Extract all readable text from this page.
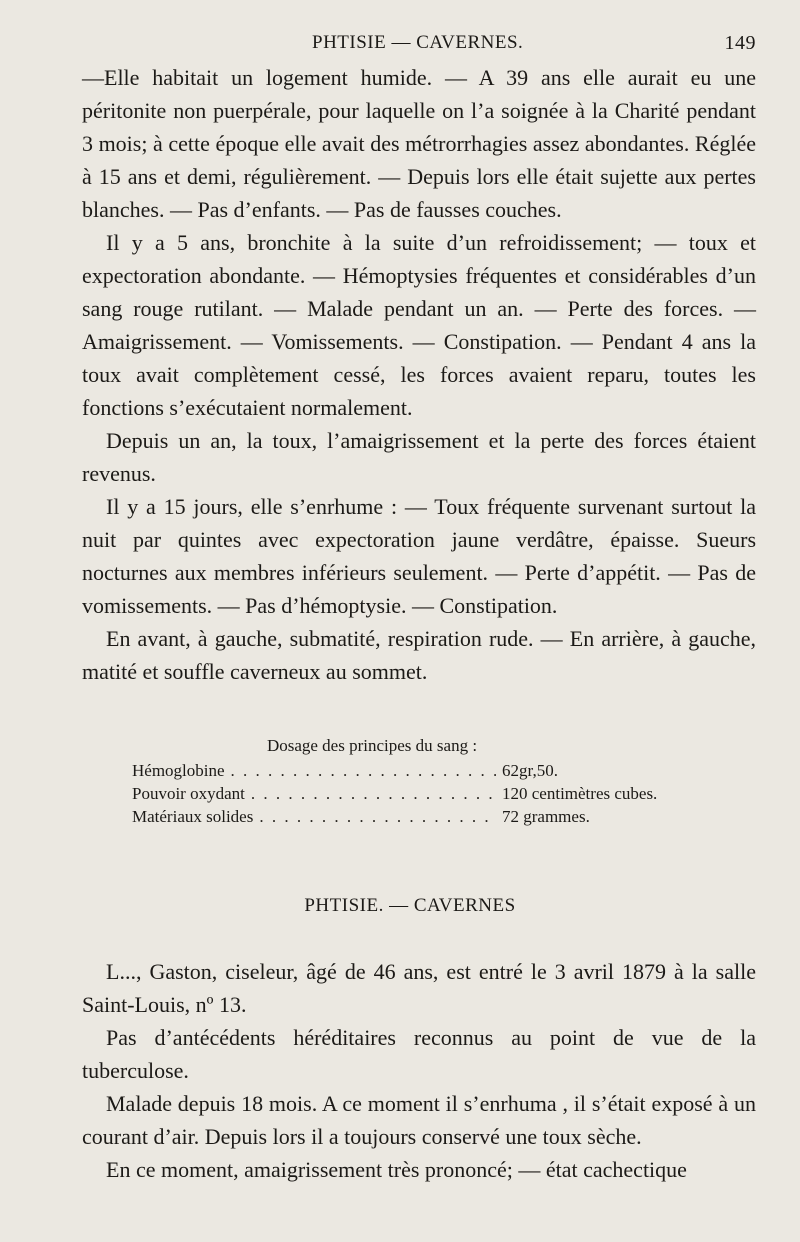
PHTISIE — CAVERNES.	149

—Elle habitait un logement humide. — A 39 ans elle aurait eu une péritonite non puerpérale, pour laquelle on l’a soignée à la Charité pendant 3 mois; à cette époque elle avait des métrorrhagies assez abondantes. Réglée à 15 ans et demi, régulièrement. — Depuis lors elle était sujette aux pertes blanches. — Pas d’enfants. — Pas de fausses couches.

Il y a 5 ans, bronchite à la suite d’un refroidissement; — toux et expectoration abondante. — Hémoptysies fréquentes et considérables d’un sang rouge rutilant. — Malade pendant un an. — Perte des forces. — Amaigrissement. — Vomissements. — Constipation. — Pendant 4 ans la toux avait complètement cessé, les forces avaient reparu, toutes les fonctions s’exécutaient normalement.

Depuis un an, la toux, l’amaigrissement et la perte des forces étaient revenus.

Il y a 15 jours, elle s’enrhume : — Toux fréquente survenant surtout la nuit par quintes avec expectoration jaune verdâtre, épaisse. Sueurs nocturnes aux membres inférieurs seulement. — Perte d’appétit. — Pas de vomissements. — Pas d’hémoptysie. — Constipation.

En avant, à gauche, submatité, respiration rude. — En arrière, à gauche, matité et souffle caverneux au sommet.

Dosage des principes du sang :
Hémoglobine . . .	62gr,50.
Pouvoir oxydant . . .	120 centimètres cubes.
Matériaux solides . . .	72 grammes.
PHTISIE. — CAVERNES

L..., Gaston, ciseleur, âgé de 46 ans, est entré le 3 avril 1879 à la salle Saint-Louis, nº 13.

Pas d’antécédents héréditaires reconnus au point de vue de la tuberculose.

Malade depuis 18 mois. A ce moment il s’enrhuma , il s’était exposé à un courant d’air. Depuis lors il a toujours conservé une toux sèche.

En ce moment, amaigrissement très prononcé; — état cachectique
